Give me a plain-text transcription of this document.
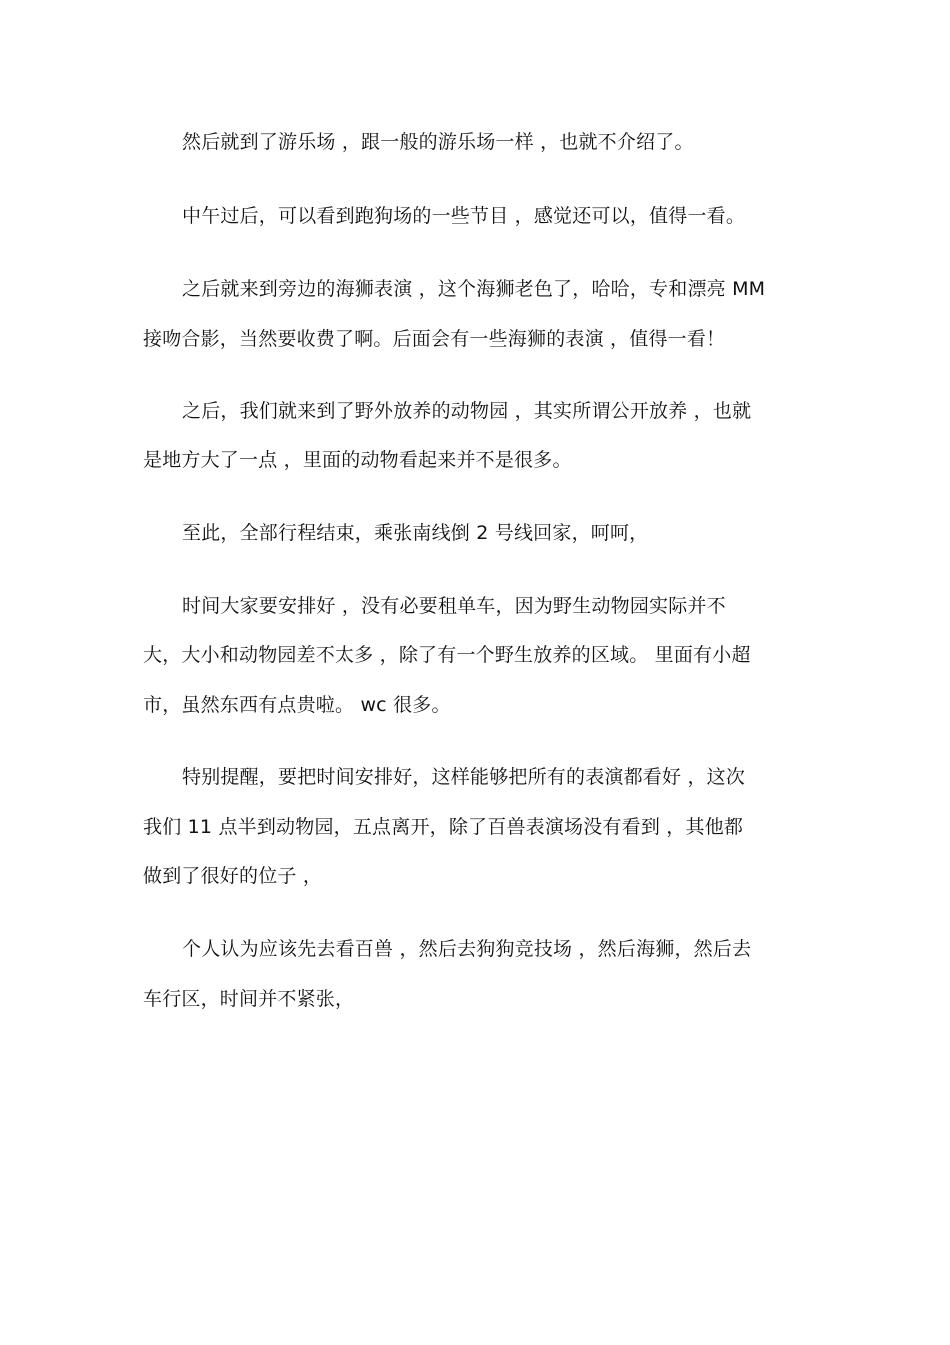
然后就到了游乐场 ，跟一般的游乐场一样 ，也就不介绍了。
中午过后，可以看到跑狗场的一些节目 ，感觉还可以，值得一看。
之后就来到旁边的海狮表演 ，这个海狮老色了，哈哈，专和漂亮 MM
接吻合影，当然要收费了啊。后面会有一些海狮的表演 ，值得一看！
之后，我们就来到了野外放养的动物园 ，其实所谓公开放养 ，也就
是地方大了一点 ，里面的动物看起来并不是很多。
至此，全部行程结束，乘张南线倒 2 号线回家，呵呵，
时间大家要安排好 ，没有必要租单车，因为野生动物园实际并不
大，大小和动物园差不太多 ，除了有一个野生放养的区域。 里面有小超
市，虽然东西有点贵啦。 wc 很多。
特别提醒，要把时间安排好，这样能够把所有的表演都看好 ，这次
我们 11 点半到动物园，五点离开，除了百兽表演场没有看到 ，其他都
做到了很好的位子 ，
个人认为应该先去看百兽 ，然后去狗狗竞技场 ，然后海狮，然后去
车行区，时间并不紧张，
